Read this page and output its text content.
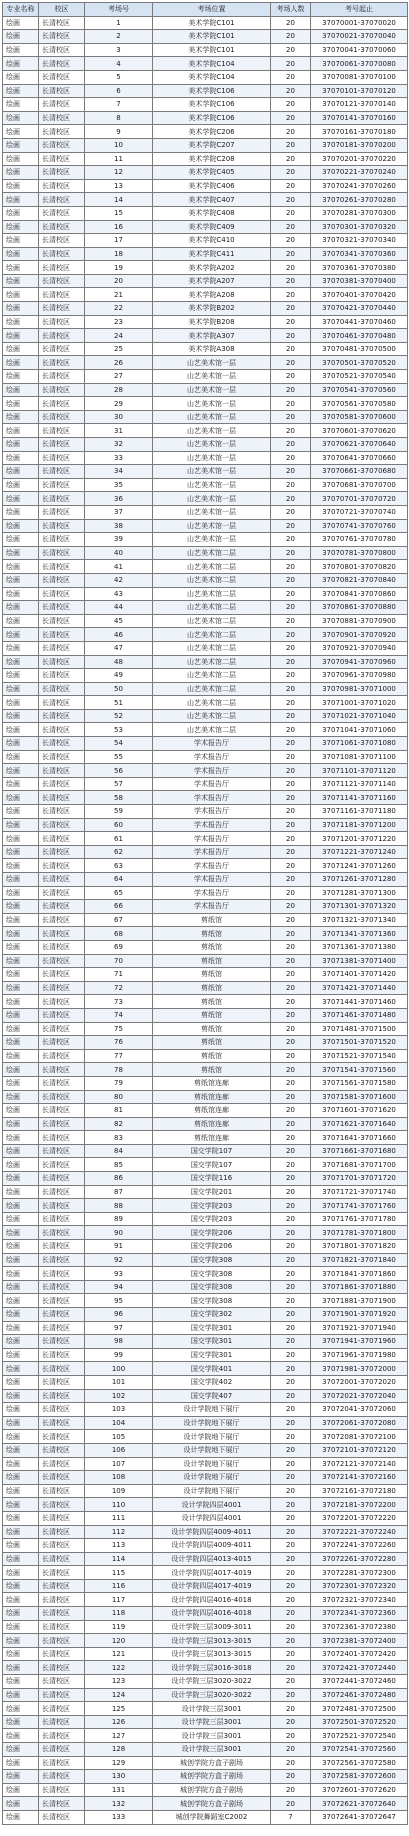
专业名称	校区	考场号	考场位置	考场人数	考号起止
绘画	长清校区	1	美术学院C101	20	37070001-37070020
绘画	长清校区	2	美术学院C101	20	37070021-37070040
绘画	长清校区	3	美术学院C101	20	37070041-37070060
绘画	长清校区	4	美术学院C104	20	37070061-37070080
绘画	长清校区	5	美术学院C104	20	37070081-37070100
绘画	长清校区	6	美术学院C106	20	37070101-37070120
绘画	长清校区	7	美术学院C106	20	37070121-37070140
绘画	长清校区	8	美术学院C106	20	37070141-37070160
绘画	长清校区	9	美术学院C206	20	37070161-37070180
绘画	长清校区	10	美术学院C207	20	37070181-37070200
绘画	长清校区	11	美术学院C208	20	37070201-37070220
绘画	长清校区	12	美术学院C405	20	37070221-37070240
绘画	长清校区	13	美术学院C406	20	37070241-37070260
绘画	长清校区	14	美术学院C407	20	37070261-37070280
绘画	长清校区	15	美术学院C408	20	37070281-37070300
绘画	长清校区	16	美术学院C409	20	37070301-37070320
绘画	长清校区	17	美术学院C410	20	37070321-37070340
绘画	长清校区	18	美术学院C411	20	37070341-37070360
绘画	长清校区	19	美术学院A202	20	37070361-37070380
绘画	长清校区	20	美术学院A207	20	37070381-37070400
绘画	长清校区	21	美术学院A208	20	37070401-37070420
绘画	长清校区	22	美术学院B202	20	37070421-37070440
绘画	长清校区	23	美术学院B208	20	37070441-37070460
绘画	长清校区	24	美术学院A307	20	37070461-37070480
绘画	长清校区	25	美术学院A308	20	37070481-37070500
绘画	长清校区	26	山艺美术馆一层	20	37070501-37070520
绘画	长清校区	27	山艺美术馆一层	20	37070521-37070540
绘画	长清校区	28	山艺美术馆一层	20	37070541-37070560
绘画	长清校区	29	山艺美术馆一层	20	37070561-37070580
绘画	长清校区	30	山艺美术馆一层	20	37070581-37070600
绘画	长清校区	31	山艺美术馆一层	20	37070601-37070620
绘画	长清校区	32	山艺美术馆一层	20	37070621-37070640
绘画	长清校区	33	山艺美术馆一层	20	37070641-37070660
绘画	长清校区	34	山艺美术馆一层	20	37070661-37070680
绘画	长清校区	35	山艺美术馆一层	20	37070681-37070700
绘画	长清校区	36	山艺美术馆一层	20	37070701-37070720
绘画	长清校区	37	山艺美术馆一层	20	37070721-37070740
绘画	长清校区	38	山艺美术馆一层	20	37070741-37070760
绘画	长清校区	39	山艺美术馆一层	20	37070761-37070780
绘画	长清校区	40	山艺美术馆二层	20	37070781-37070800
绘画	长清校区	41	山艺美术馆二层	20	37070801-37070820
绘画	长清校区	42	山艺美术馆二层	20	37070821-37070840
绘画	长清校区	43	山艺美术馆二层	20	37070841-37070860
绘画	长清校区	44	山艺美术馆二层	20	37070861-37070880
绘画	长清校区	45	山艺美术馆二层	20	37070881-37070900
绘画	长清校区	46	山艺美术馆二层	20	37070901-37070920
绘画	长清校区	47	山艺美术馆二层	20	37070921-37070940
绘画	长清校区	48	山艺美术馆二层	20	37070941-37070960
绘画	长清校区	49	山艺美术馆二层	20	37070961-37070980
绘画	长清校区	50	山艺美术馆二层	20	37070981-37071000
绘画	长清校区	51	山艺美术馆二层	20	37071001-37071020
绘画	长清校区	52	山艺美术馆二层	20	37071021-37071040
绘画	长清校区	53	山艺美术馆二层	20	37071041-37071060
绘画	长清校区	54	学术报告厅	20	37071061-37071080
绘画	长清校区	55	学术报告厅	20	37071081-37071100
绘画	长清校区	56	学术报告厅	20	37071101-37071120
绘画	长清校区	57	学术报告厅	20	37071121-37071140
绘画	长清校区	58	学术报告厅	20	37071141-37071160
绘画	长清校区	59	学术报告厅	20	37071161-37071180
绘画	长清校区	60	学术报告厅	20	37071181-37071200
绘画	长清校区	61	学术报告厅	20	37071201-37071220
绘画	长清校区	62	学术报告厅	20	37071221-37071240
绘画	长清校区	63	学术报告厅	20	37071241-37071260
绘画	长清校区	64	学术报告厅	20	37071261-37071280
绘画	长清校区	65	学术报告厅	20	37071281-37071300
绘画	长清校区	66	学术报告厅	20	37071301-37071320
绘画	长清校区	67	剪纸馆	20	37071321-37071340
绘画	长清校区	68	剪纸馆	20	37071341-37071360
绘画	长清校区	69	剪纸馆	20	37071361-37071380
绘画	长清校区	70	剪纸馆	20	37071381-37071400
绘画	长清校区	71	剪纸馆	20	37071401-37071420
绘画	长清校区	72	剪纸馆	20	37071421-37071440
绘画	长清校区	73	剪纸馆	20	37071441-37071460
绘画	长清校区	74	剪纸馆	20	37071461-37071480
绘画	长清校区	75	剪纸馆	20	37071481-37071500
绘画	长清校区	76	剪纸馆	20	37071501-37071520
绘画	长清校区	77	剪纸馆	20	37071521-37071540
绘画	长清校区	78	剪纸馆	20	37071541-37071560
绘画	长清校区	79	剪纸馆连廊	20	37071561-37071580
绘画	长清校区	80	剪纸馆连廊	20	37071581-37071600
绘画	长清校区	81	剪纸馆连廊	20	37071601-37071620
绘画	长清校区	82	剪纸馆连廊	20	37071621-37071640
绘画	长清校区	83	剪纸馆连廊	20	37071641-37071660
绘画	长清校区	84	国交学院107	20	37071661-37071680
绘画	长清校区	85	国交学院107	20	37071681-37071700
绘画	长清校区	86	国交学院116	20	37071701-37071720
绘画	长清校区	87	国交学院201	20	37071721-37071740
绘画	长清校区	88	国交学院203	20	37071741-37071760
绘画	长清校区	89	国交学院203	20	37071761-37071780
绘画	长清校区	90	国交学院206	20	37071781-37071800
绘画	长清校区	91	国交学院206	20	37071801-37071820
绘画	长清校区	92	国交学院308	20	37071821-37071840
绘画	长清校区	93	国交学院308	20	37071841-37071860
绘画	长清校区	94	国交学院308	20	37071861-37071880
绘画	长清校区	95	国交学院308	20	37071881-37071900
绘画	长清校区	96	国交学院302	20	37071901-37071920
绘画	长清校区	97	国交学院301	20	37071921-37071940
绘画	长清校区	98	国交学院301	20	37071941-37071960
绘画	长清校区	99	国交学院301	20	37071961-37071980
绘画	长清校区	100	国交学院401	20	37071981-37072000
绘画	长清校区	101	国交学院402	20	37072001-37072020
绘画	长清校区	102	国交学院407	20	37072021-37072040
绘画	长清校区	103	设计学院地下展厅	20	37072041-37072060
绘画	长清校区	104	设计学院地下展厅	20	37072061-37072080
绘画	长清校区	105	设计学院地下展厅	20	37072081-37072100
绘画	长清校区	106	设计学院地下展厅	20	37072101-37072120
绘画	长清校区	107	设计学院地下展厅	20	37072121-37072140
绘画	长清校区	108	设计学院地下展厅	20	37072141-37072160
绘画	长清校区	109	设计学院地下展厅	20	37072161-37072180
绘画	长清校区	110	设计学院四层4001	20	37072181-37072200
绘画	长清校区	111	设计学院四层4001	20	37072201-37072220
绘画	长清校区	112	设计学院四层4009-4011	20	37072221-37072240
绘画	长清校区	113	设计学院四层4009-4011	20	37072241-37072260
绘画	长清校区	114	设计学院四层4013-4015	20	37072261-37072280
绘画	长清校区	115	设计学院四层4017-4019	20	37072281-37072300
绘画	长清校区	116	设计学院四层4017-4019	20	37072301-37072320
绘画	长清校区	117	设计学院四层4016-4018	20	37072321-37072340
绘画	长清校区	118	设计学院四层4016-4018	20	37072341-37072360
绘画	长清校区	119	设计学院三层3009-3011	20	37072361-37072380
绘画	长清校区	120	设计学院三层3013-3015	20	37072381-37072400
绘画	长清校区	121	设计学院三层3013-3015	20	37072401-37072420
绘画	长清校区	122	设计学院三层3016-3018	20	37072421-37072440
绘画	长清校区	123	设计学院三层3020-3022	20	37072441-37072460
绘画	长清校区	124	设计学院三层3020-3022	20	37072461-37072480
绘画	长清校区	125	设计学院三层3001	20	37072481-37072500
绘画	长清校区	126	设计学院三层3001	20	37072501-37072520
绘画	长清校区	127	设计学院三层3001	20	37072521-37072540
绘画	长清校区	128	设计学院三层3001	20	37072541-37072560
绘画	长清校区	129	城创学院方盒子剧场	20	37072561-37072580
绘画	长清校区	130	城创学院方盒子剧场	20	37072581-37072600
绘画	长清校区	131	城创学院方盒子剧场	20	37072601-37072620
绘画	长清校区	132	城创学院方盒子剧场	20	37072621-37072640
绘画	长清校区	133	城创学院舞蹈室C2002	7	37072641-37072647
